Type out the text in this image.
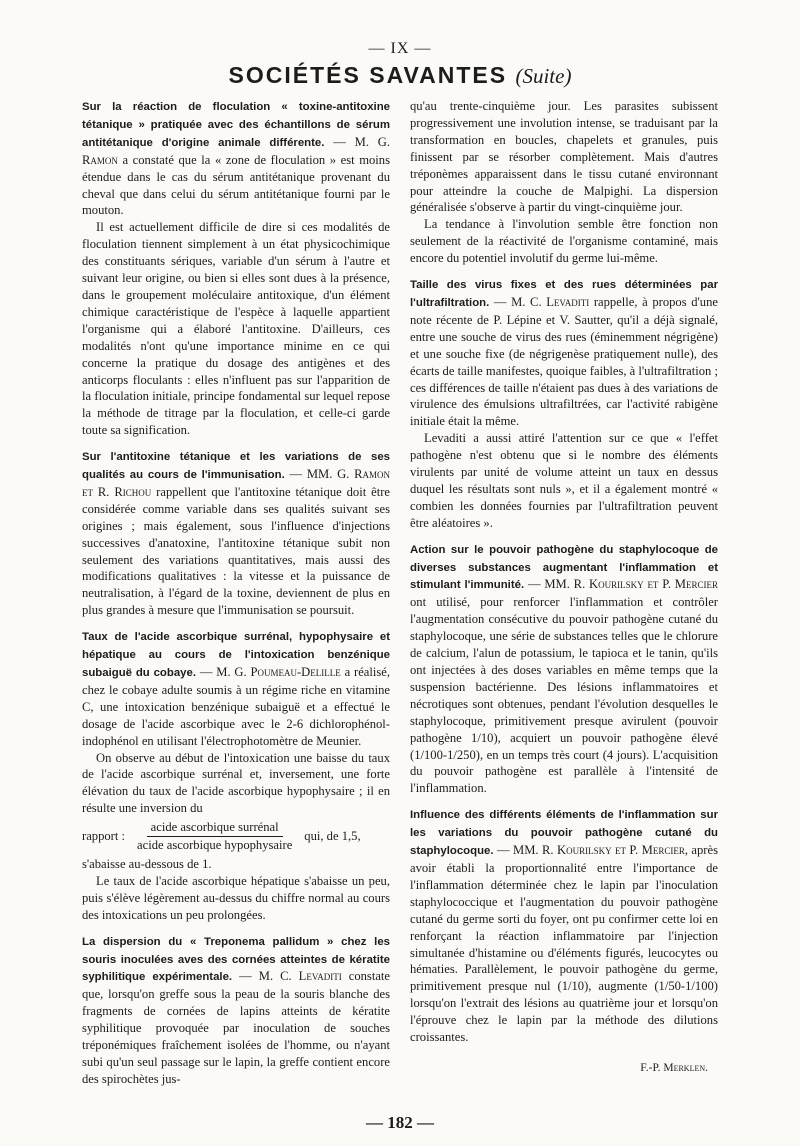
— IX —
SOCIÉTÉS SAVANTES (Suite)

Sur la réaction de floculation « toxine-antitoxine tétanique » pratiquée avec des échantillons de sérum antitétanique d'origine animale différente. — M. G. Ramon a constaté que la « zone de floculation » est moins étendue dans le cas du sérum antitétanique provenant du cheval que dans celui du sérum antitétanique fourni par le mouton.

Il est actuellement difficile de dire si ces modalités de floculation tiennent simplement à un état physicochimique des constituants sériques, variable d'un sérum à l'autre et suivant leur origine, ou bien si elles sont dues à la présence, dans le groupement moléculaire antitoxique, d'un élément chimique caractéristique de l'espèce à laquelle appartient l'organisme qui a élaboré l'antitoxine. D'ailleurs, ces modalités n'ont qu'une importance minime en ce qui concerne la pratique du dosage des antigènes et des anticorps floculants : elles n'influent pas sur l'apparition de la floculation initiale, principe fondamental sur lequel repose la méthode de titrage par la floculation, et celle-ci garde toute sa signification.

Sur l'antitoxine tétanique et les variations de ses qualités au cours de l'immunisation. — MM. G. Ramon et R. Richou rappellent que l'antitoxine tétanique doit être considérée comme variable dans ses qualités suivant ses origines ; mais également, sous l'influence d'injections successives d'anatoxine, l'antitoxine tétanique subit non seulement des variations quantitatives, mais aussi des modifications qualitatives : la vitesse et la puissance de neutralisation, à l'égard de la toxine, deviennent de plus en plus grandes à mesure que l'immunisation se poursuit.

Taux de l'acide ascorbique surrénal, hypophysaire et hépatique au cours de l'intoxication benzénique subaiguë du cobaye. — M. G. Poumeau-Delille a réalisé, chez le cobaye adulte soumis à un régime riche en vitamine C, une intoxication benzénique subaiguë et a effectué le dosage de l'acide ascorbique avec le 2-6 dichlorophénol-indophénol en utilisant l'électrophotomètre de Meunier.

On observe au début de l'intoxication une baisse du taux de l'acide ascorbique surrénal et, inversement, une forte élévation du taux de l'acide ascorbique hypophysaire ; il en résulte une inversion du

rapport : $\frac{\text{acide ascorbique surrénal}}{\text{acide ascorbique hypophysaire}}$ qui, de 1,5,

s'abaisse au-dessous de 1.

Le taux de l'acide ascorbique hépatique s'abaisse un peu, puis s'élève légèrement au-dessus du chiffre normal au cours des intoxications un peu prolongées.

La dispersion du « Treponema pallidum » chez les souris inoculées aves des cornées atteintes de kératite syphilitique expérimentale. — M. C. Levaditi constate que, lorsqu'on greffe sous la peau de la souris blanche des fragments de cornées de lapins atteints de kératite syphilitique provoquée par inoculation de souches tréponémiques fraîchement isolées de l'homme, ou n'ayant subi qu'un seul passage sur le lapin, la greffe contient encore des spirochètes jus-

qu'au trente-cinquième jour. Les parasites subissent progressivement une involution intense, se traduisant par la transformation en boucles, chapelets et granules, puis finissent par se résorber complètement. Mais d'autres tréponèmes apparaissent dans le tissu cutané environnant pour atteindre la couche de Malpighi. La dispersion généralisée s'observe à partir du vingt-cinquième jour.

La tendance à l'involution semble être fonction non seulement de la réactivité de l'organisme contaminé, mais encore du potentiel involutif du germe lui-même.

Taille des virus fixes et des rues déterminées par l'ultrafiltration. — M. C. Levaditi rappelle, à propos d'une note récente de P. Lépine et V. Sautter, qu'il a déjà signalé, entre une souche de virus des rues (éminemment négrigène) et une souche fixe (de négrigenèse pratiquement nulle), des écarts de taille manifestes, quoique faibles, à l'ultrafiltration ; ces différences de taille n'étaient pas dues à des variations de virulence des émulsions ultrafiltrées, car l'activité rabigène initiale était la même.

Levaditi a aussi attiré l'attention sur ce que « l'effet pathogène n'est obtenu que si le nombre des éléments virulents par unité de volume atteint un taux en dessus duquel les résultats sont nuls », et il a également montré « combien les données fournies par l'ultrafiltration peuvent être aléatoires ».

Action sur le pouvoir pathogène du staphylocoque de diverses substances augmentant l'inflammation et stimulant l'immunité. — MM. R. Kourilsky et P. Mercier ont utilisé, pour renforcer l'inflammation et contrôler l'augmentation consécutive du pouvoir pathogène cutané du staphylocoque, une série de substances telles que le chlorure de calcium, l'alun de potassium, le tapioca et le tanin, qu'ils ont injectées à des doses variables en même temps que la suspension bactérienne. Des lésions inflammatoires et nécrotiques sont obtenues, pendant l'évolution desquelles le staphylocoque, primitivement presque avirulent (pouvoir pathogène 1/10), acquiert un pouvoir pathogène élevé (1/100-1/250), en un temps très court (4 jours). L'acquisition du pouvoir pathogène est parallèle à l'intensité de l'inflammation.

Influence des différents éléments de l'inflammation sur les variations du pouvoir pathogène cutané du staphylocoque. — MM. R. Kourilsky et P. Mercier, après avoir établi la proportionnalité entre l'importance de l'inflammation déterminée chez le lapin par l'inoculation staphylococcique et l'augmentation du pouvoir pathogène cutané du germe sorti du foyer, ont pu confirmer cette loi en renforçant la réaction inflammatoire par l'injection simultanée d'histamine ou d'éléments figurés, leucocytes ou hématies. Parallèlement, le pouvoir pathogène du germe, primitivement presque nul (1/10), augmente (1/50-1/100) lorsqu'on l'extrait des lésions au quatrième jour et lorsqu'on l'éprouve chez le lapin par la méthode des dilutions croissantes.

F.-P. Merklen.
— 182 —
